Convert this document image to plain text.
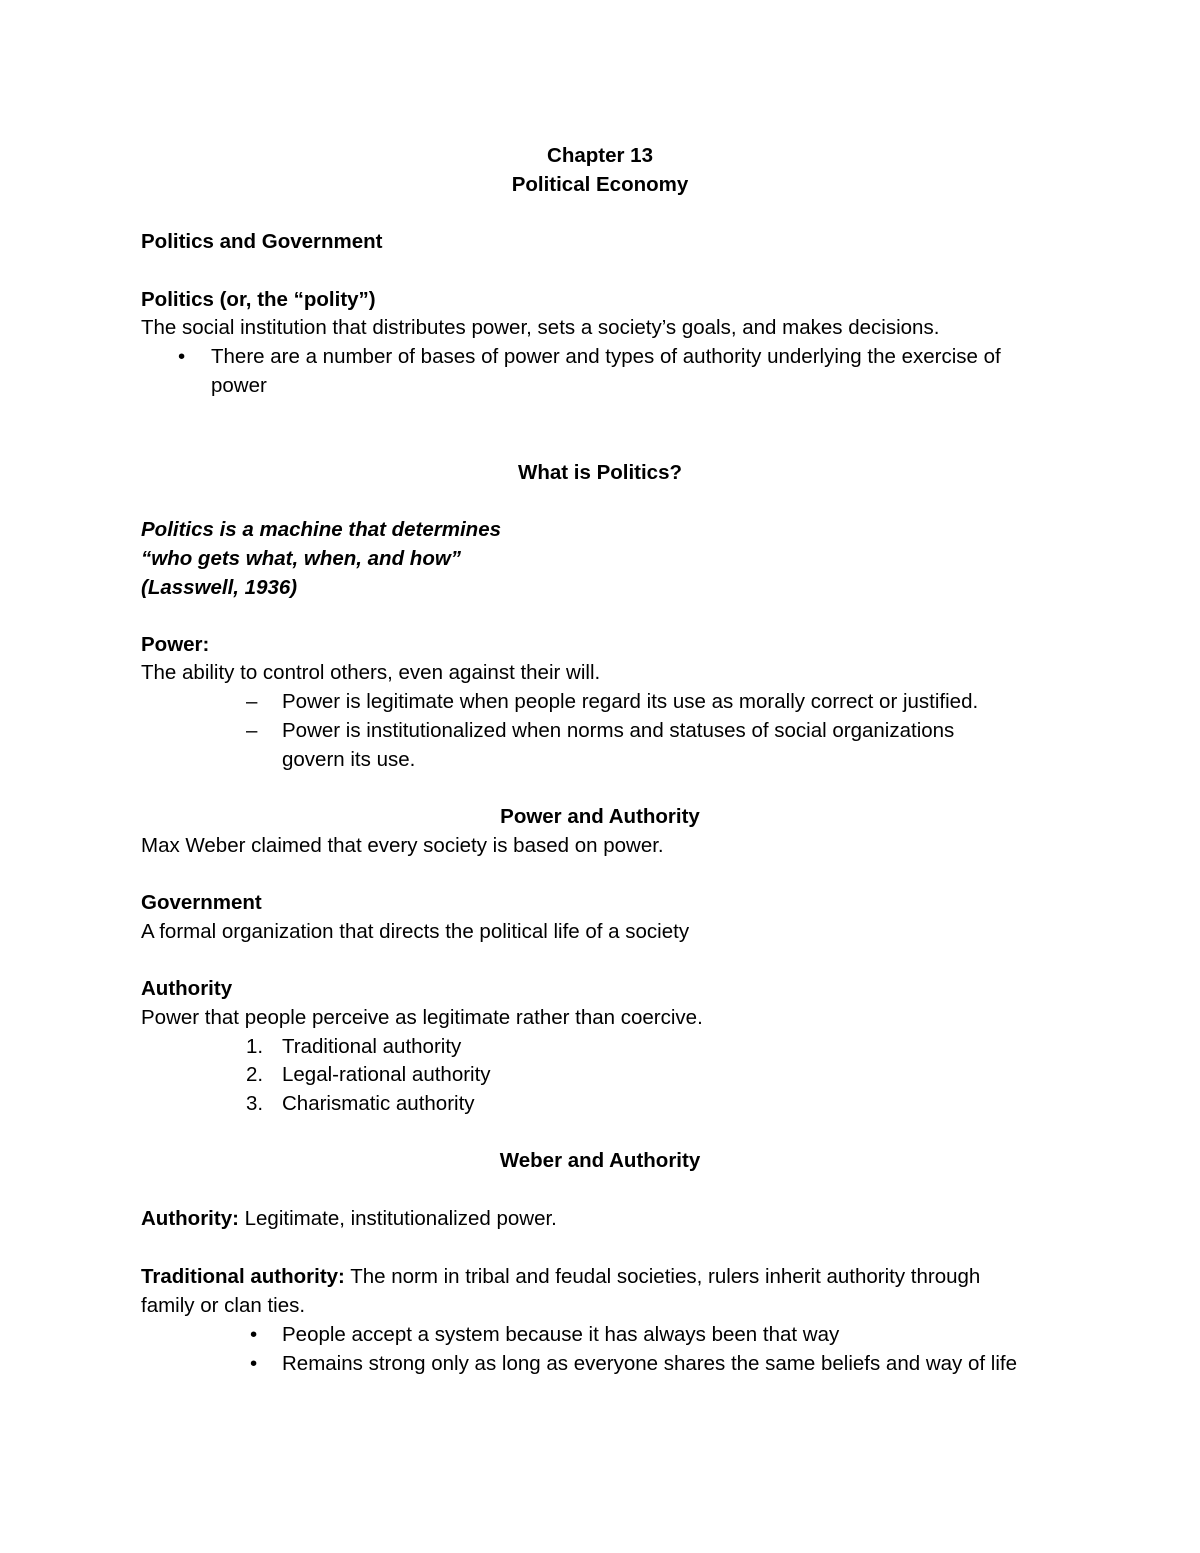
Chapter 13

Political Economy

Politics and Government

Politics (or, the “polity”)

The social institution that distributes power, sets a society’s goals, and makes decisions.

• There are a number of bases of power and types of authority underlying the exercise of

power

What is Politics?

Politics is a machine that determines

“who gets what, when, and how”

(Lasswell, 1936)

Power:

The ability to control others, even against their will.

– Power is legitimate when people regard its use as morally correct or justified.

– Power is institutionalized when norms and statuses of social organizations

govern its use.

Power and Authority

Max Weber claimed that every society is based on power.

Government

A formal organization that directs the political life of a society

Authority

Power that people perceive as legitimate rather than coercive.

1. Traditional authority

2. Legal-rational authority

3. Charismatic authority

Weber and Authority

Authority: Legitimate, institutionalized power.

Traditional authority: The norm in tribal and feudal societies, rulers inherit authority through

family or clan ties.

• People accept a system because it has always been that way

• Remains strong only as long as everyone shares the same beliefs and way of life
